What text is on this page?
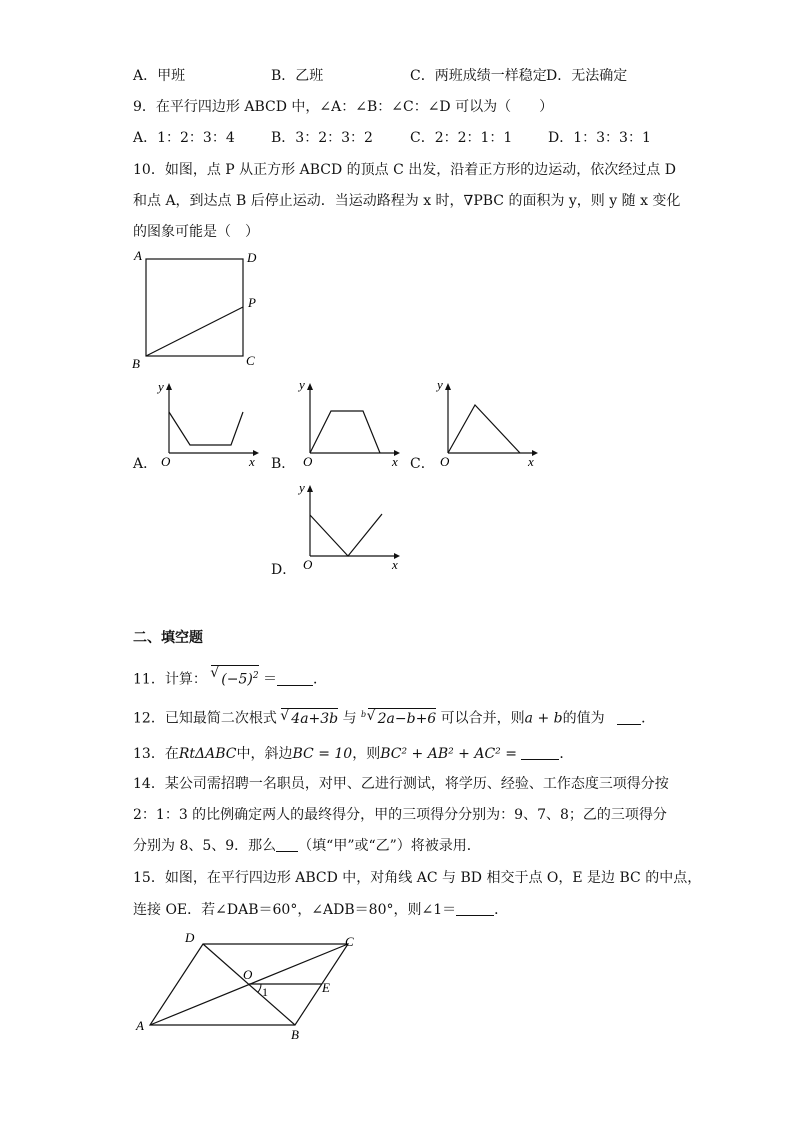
A．甲班	B．乙班	C．两班成绩一样稳定 D．无法确定
9．在平行四边形 ABCD 中，∠A：∠B：∠C：∠D 可以为（　　）
A．1：2：3：4	B．3：2：3：2	C．2：2：1：1	D．1：3：3：1
10．如图，点 P 从正方形 ABCD 的顶点 C 出发，沿着正方形的边运动，依次经过点 D
和点 A，到达点 B 后停止运动．当运动路程为 x 时，∇PBC 的面积为 y，则 y 随 x 变化
的图象可能是（　）
A	D
P
B	C
A．
y
O	x B．
y
O	x C．
y
O	x
D．
y
O	x
二、填空题
11．计算： √ $(-5)^2$ ＝	．
12．已知最简二次根式 √ 4a+3b 与 $^b$ √ 2a−b+6 可以合并，则a + b的值为	．
13．在RtΔABC中，斜边BC = 10，则BC² + AB² + AC² =	．
14．某公司需招聘一名职员，对甲、乙进行测试，将学历、经验、工作态度三项得分按
2：1：3 的比例确定两人的最终得分，甲的三项得分分别为：9、7、8；乙的三项得分
分别为 8、5、9．那么 （填“甲”或“乙”）将被录用．
15．如图，在平行四边形 ABCD 中，对角线 AC 与 BD 相交于点 O，E 是边 BC 的中点，
连接 OE．若∠DAB＝60°，∠ADB＝80°，则∠1＝	．
D	C
O
E
1
A
B
